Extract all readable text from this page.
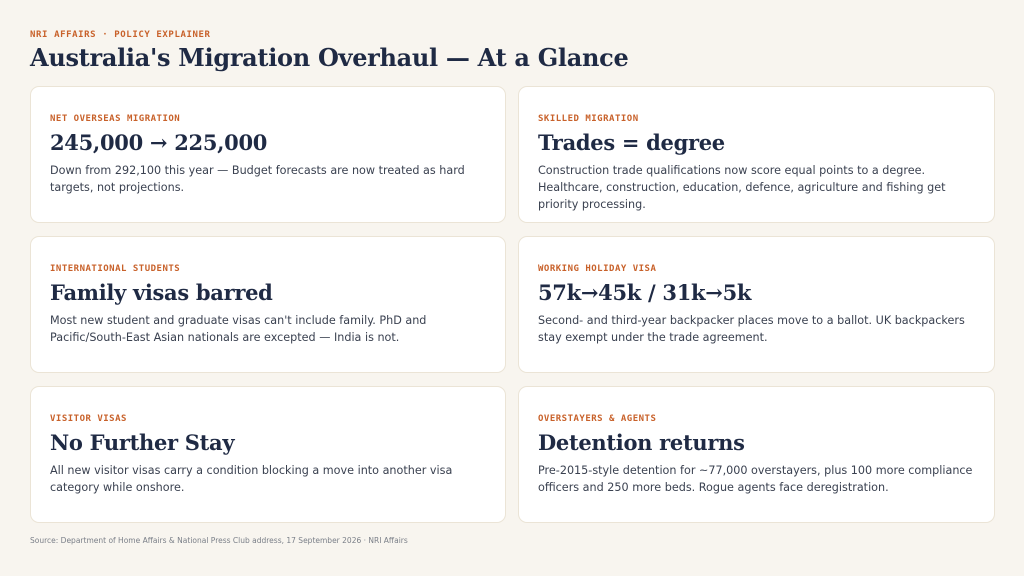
NRI AFFAIRS · POLICY EXPLAINER
Australia's Migration Overhaul — At a Glance
NET OVERSEAS MIGRATION
245,000 → 225,000

Down from 292,100 this year — Budget forecasts are now treated as hard targets, not projections.

SKILLED MIGRATION
Trades = degree

Construction trade qualifications now score equal points to a degree. Healthcare, construction, education, defence, agriculture and fishing get priority processing.

INTERNATIONAL STUDENTS
Family visas barred

Most new student and graduate visas can't include family. PhD and Pacific/South-East Asian nationals are excepted — India is not.

WORKING HOLIDAY VISA
57k→45k / 31k→5k

Second- and third-year backpacker places move to a ballot. UK backpackers stay exempt under the trade agreement.

VISITOR VISAS
No Further Stay

All new visitor visas carry a condition blocking a move into another visa category while onshore.

OVERSTAYERS & AGENTS
Detention returns

Pre-2015-style detention for ~77,000 overstayers, plus 100 more compliance officers and 250 more beds. Rogue agents face deregistration.

Source: Department of Home Affairs & National Press Club address, 17 September 2026 · NRI Affairs
